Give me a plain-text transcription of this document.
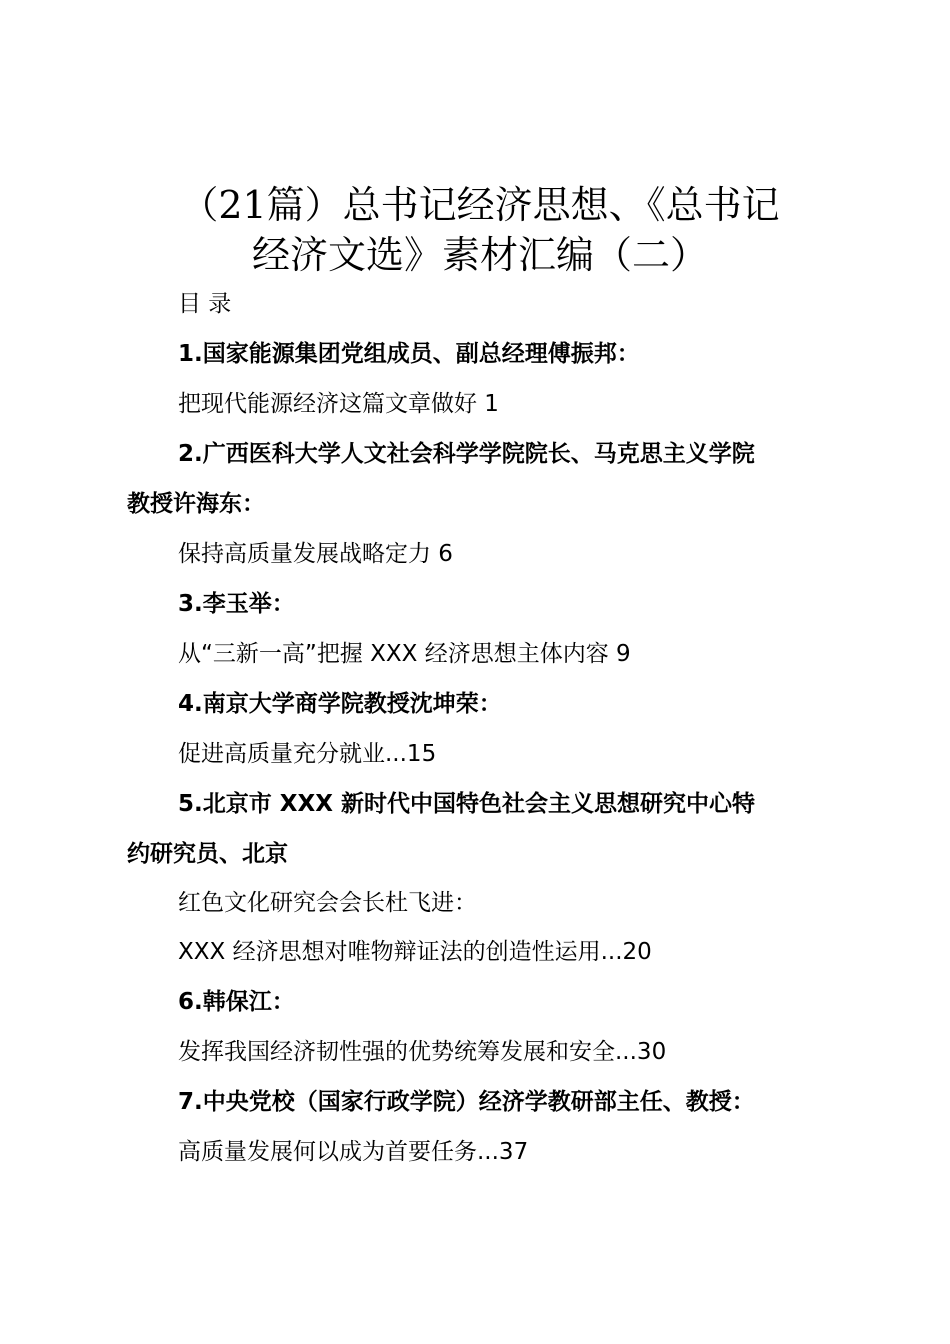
（21篇）总书记经济思想、《总书记
经济文选》素材汇编（二）

目 录

1.国家能源集团党组成员、副总经理傅振邦：

把现代能源经济这篇文章做好 1

2.广西医科大学人文社会科学学院院长、马克思主义学院

教授许海东：

保持高质量发展战略定力 6

3.李玉举：

从“三新一高”把握 XXX 经济思想主体内容 9

4.南京大学商学院教授沈坤荣：

促进高质量充分就业...15

5.北京市 XXX 新时代中国特色社会主义思想研究中心特

约研究员、北京

红色文化研究会会长杜飞进：

XXX 经济思想对唯物辩证法的创造性运用...20

6.韩保江：

发挥我国经济韧性强的优势统筹发展和安全...30

7.中央党校（国家行政学院）经济学教研部主任、教授：

高质量发展何以成为首要任务...37
